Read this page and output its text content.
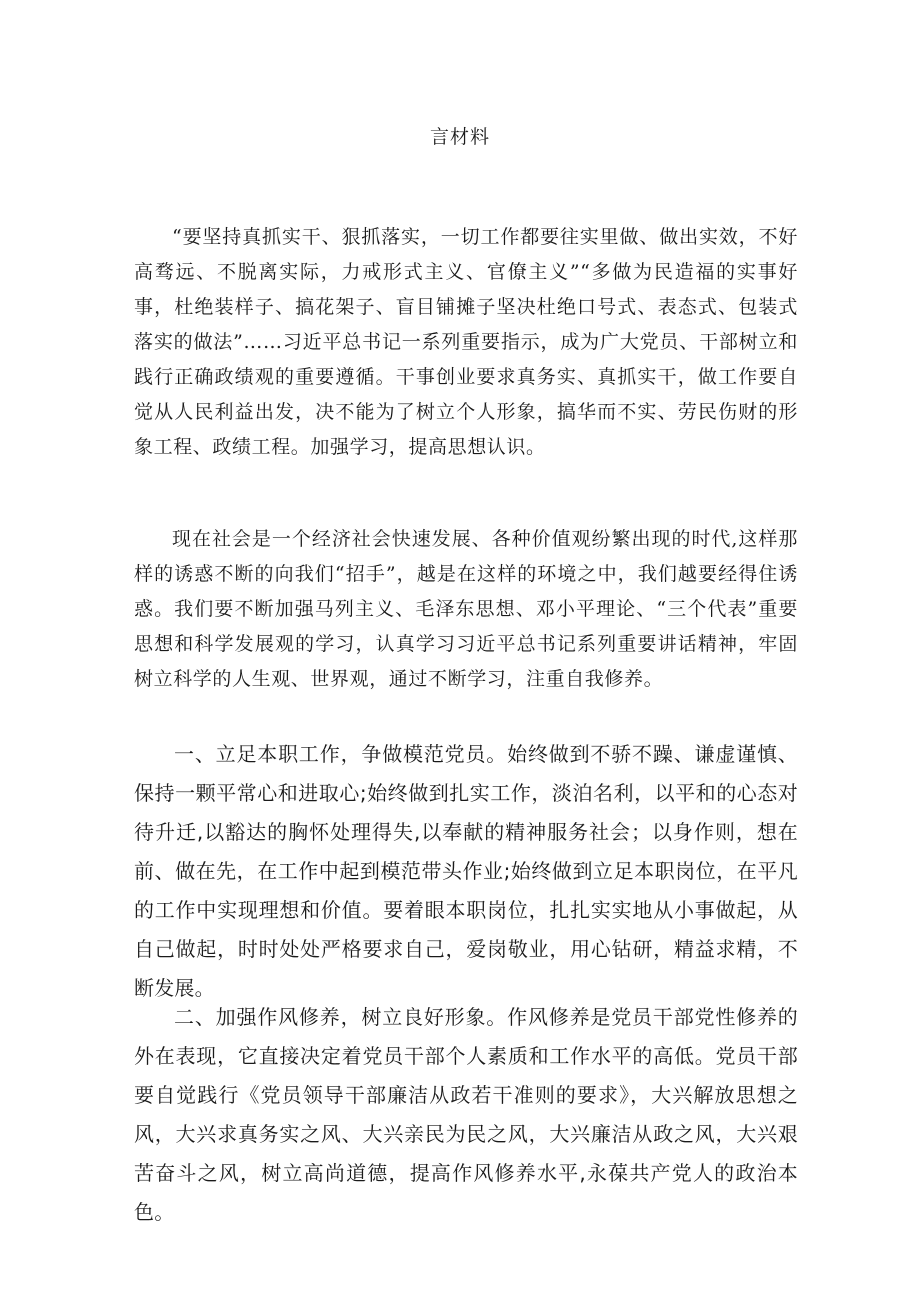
言材料

“要坚持真抓实干、狠抓落实，一切工作都要往实里做、做出实效，不好高骛远、不脱离实际，力戒形式主义、官僚主义”“多做为民造福的实事好事，杜绝装样子、搞花架子、盲目铺摊子坚决杜绝口号式、表态式、包装式落实的做法”……习近平总书记一系列重要指示，成为广大党员、干部树立和践行正确政绩观的重要遵循。干事创业要求真务实、真抓实干，做工作要自觉从人民利益出发，决不能为了树立个人形象，搞华而不实、劳民伤财的形象工程、政绩工程。加强学习，提高思想认识。

现在社会是一个经济社会快速发展、各种价值观纷繁出现的时代,这样那样的诱惑不断的向我们“招手”，越是在这样的环境之中，我们越要经得住诱惑。我们要不断加强马列主义、毛泽东思想、邓小平理论、“三个代表”重要思想和科学发展观的学习，认真学习习近平总书记系列重要讲话精神，牢固树立科学的人生观、世界观，通过不断学习，注重自我修养。

一、立足本职工作，争做模范党员。始终做到不骄不躁、谦虚谨慎、保持一颗平常心和进取心;始终做到扎实工作，淡泊名利，以平和的心态对待升迁,以豁达的胸怀处理得失,以奉献的精神服务社会；以身作则，想在前、做在先，在工作中起到模范带头作业;始终做到立足本职岗位，在平凡的工作中实现理想和价值。要着眼本职岗位，扎扎实实地从小事做起，从自己做起，时时处处严格要求自己，爱岗敬业，用心钻研，精益求精，不断发展。

二、加强作风修养，树立良好形象。作风修养是党员干部党性修养的外在表现，它直接决定着党员干部个人素质和工作水平的高低。党员干部要自觉践行《党员领导干部廉洁从政若干准则的要求》，大兴解放思想之风，大兴求真务实之风、大兴亲民为民之风，大兴廉洁从政之风，大兴艰苦奋斗之风，树立高尚道德，提高作风修养水平,永葆共产党人的政治本色。
